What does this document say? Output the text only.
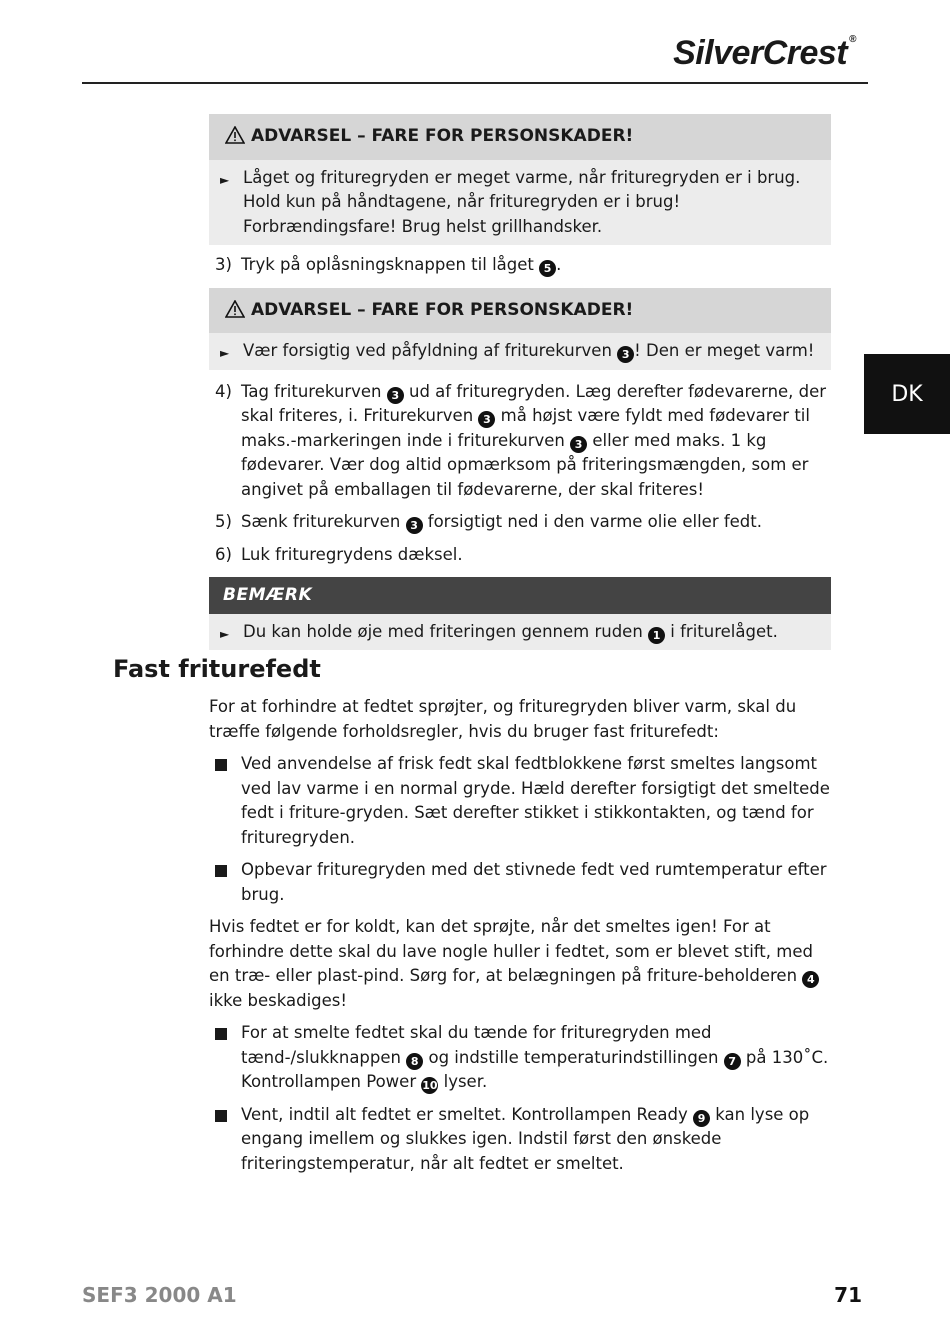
SilverCrest ®
DK
ADVARSEL – FARE FOR PERSONSKADER!
► Låget og frituregryden er meget varme, når frituregryden er i brug. Hold kun på håndtagene, når frituregryden er i brug! Forbrændingsfare! Brug helst grillhandsker.
3) Tryk på oplåsningsknappen til låget 5 .
ADVARSEL – FARE FOR PERSONSKADER!
► Vær forsigtig ved påfyldning af friturekurven 3 ! Den er meget varm!
4) Tag friturekurven 3 ud af frituregryden. Læg derefter fødevarerne, der skal friteres, i. Friturekurven 3 må højst være fyldt med fødevarer til maks.-markeringen inde i friturekurven 3 eller med maks. 1 kg fødevarer. Vær dog altid opmærksom på friteringsmængden, som er angivet på emballagen til fødevarerne, der skal friteres!
5) Sænk friturekurven 3 forsigtigt ned i den varme olie eller fedt.
6) Luk frituregrydens dæksel.
BEMÆRK
► Du kan holde øje med friteringen gennem ruden 1 i friturelåget.
Fast friturefedt

For at forhindre at fedtet sprøjter, og frituregryden bliver varm, skal du træffe følgende forholdsregler, hvis du bruger fast friturefedt:

Ved anvendelse af frisk fedt skal fedtblokkene først smeltes langsomt ved lav varme i en normal gryde. Hæld derefter forsigtigt det smeltede fedt i friture-gryden. Sæt derefter stikket i stikkontakten, og tænd for frituregryden.
Opbevar frituregryden med det stivnede fedt ved rumtemperatur efter brug.

Hvis fedtet er for koldt, kan det sprøjte, når det smeltes igen! For at forhindre dette skal du lave nogle huller i fedtet, som er blevet stift, med en træ- eller plast-pind. Sørg for, at belægningen på friture-beholderen 4 ikke beskadiges!

For at smelte fedtet skal du tænde for frituregryden med tænd-/slukknappen 8 og indstille temperaturindstillingen 7 på 130˚C. Kontrollampen Power 10 lyser.
Vent, indtil alt fedtet er smeltet. Kontrollampen Ready 9 kan lyse op engang imellem og slukkes igen. Indstil først den ønskede friteringstemperatur, når alt fedtet er smeltet.
SEF3 2000 A1	71
